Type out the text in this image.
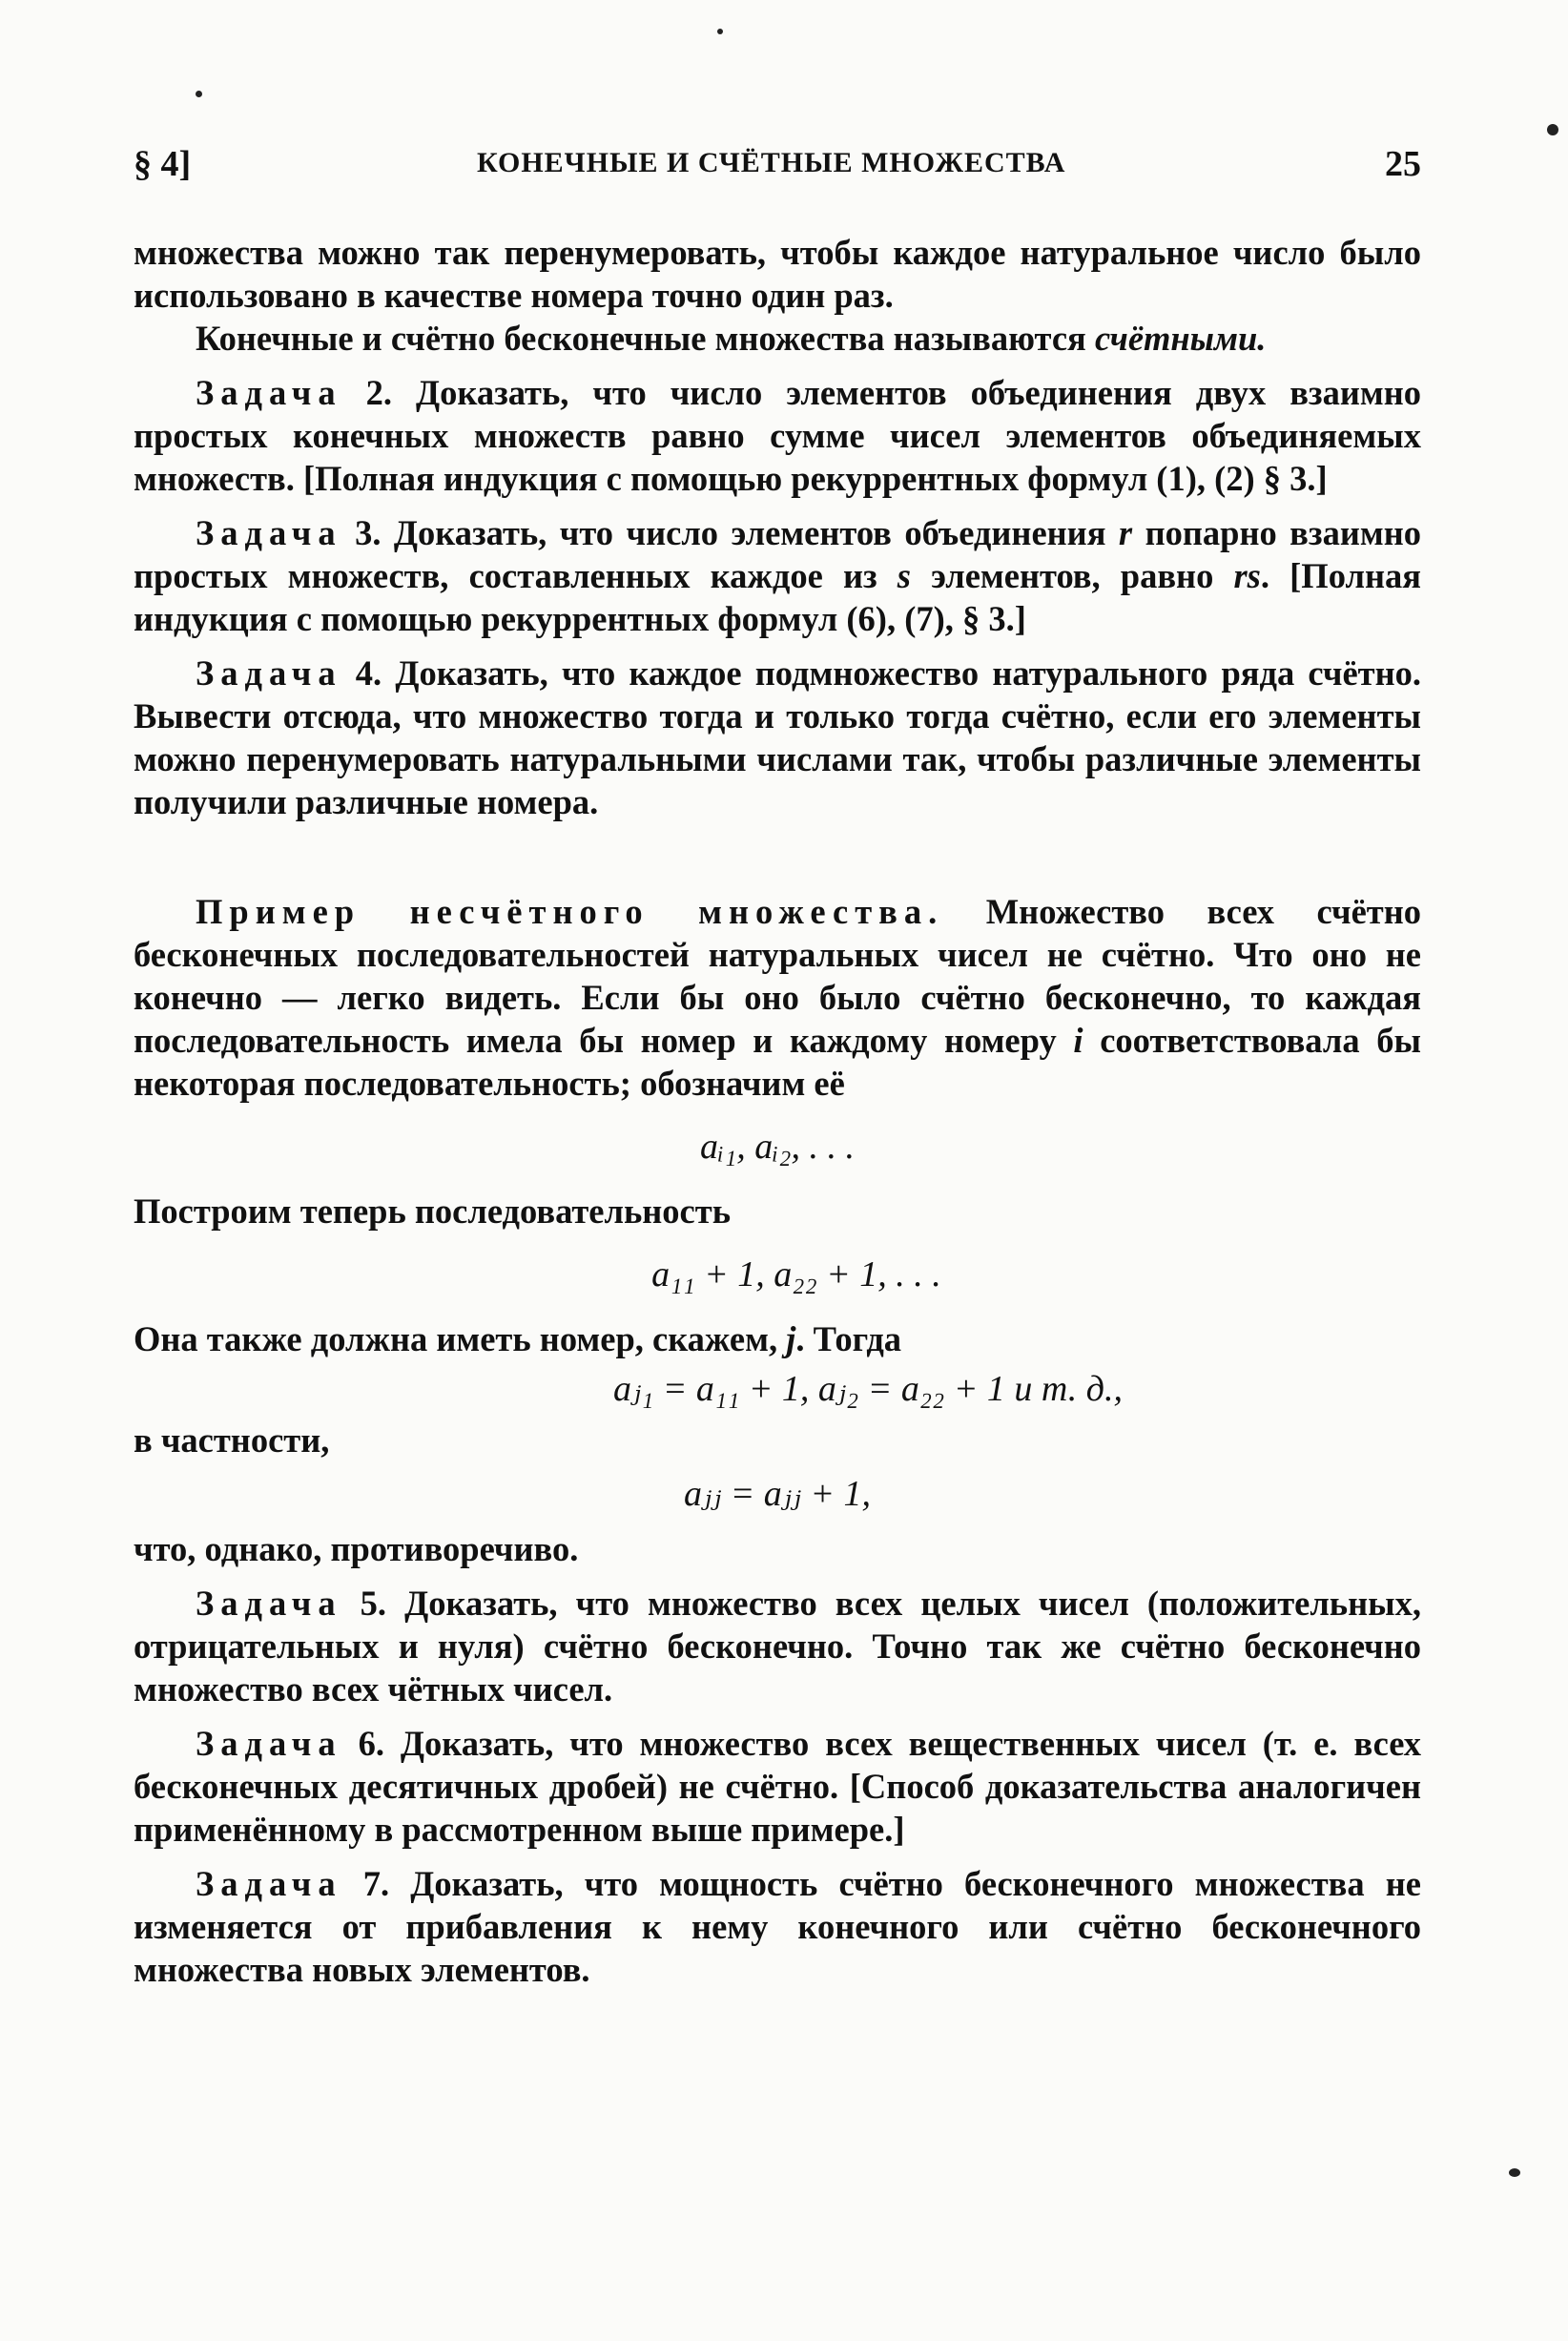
§ 4]	КОНЕЧНЫЕ И СЧЁТНЫЕ МНОЖЕСТВА	25

множества можно так перенумеровать, чтобы каждое натуральное число было использовано в качестве номера точно один раз.

Конечные и счётно бесконечные множества называются счётными.

Задача 2. Доказать, что число элементов объединения двух взаимно простых конечных множеств равно сумме чисел элементов объединяемых множеств. [Полная индукция с помощью рекуррентных формул (1), (2) § 3.]

Задача 3. Доказать, что число элементов объединения r попарно взаимно простых множеств, составленных каждое из s элементов, равно rs. [Полная индукция с помощью рекуррентных формул (6), (7), § 3.]

Задача 4. Доказать, что каждое подмножество натурального ряда счётно. Вывести отсюда, что множество тогда и только тогда счётно, если его элементы можно перенумеровать натуральными числами так, чтобы различные элементы получили различные номера.

Пример несчётного множества. Множество всех счётно бесконечных последовательностей натуральных чисел не счётно. Что оно не конечно — легко видеть. Если бы оно было счётно бесконечно, то каждая последовательность имела бы номер и каждому номеру i соответствовала бы некоторая последовательность; обозначим её

aᵢ₁, aᵢ₂, . . .

Построим теперь последовательность

a₁₁ + 1, a₂₂ + 1, . . .

Она также должна иметь номер, скажем, j. Тогда

aⱼ₁ = a₁₁ + 1, aⱼ₂ = a₂₂ + 1 и т. д.,

в частности,

aⱼⱼ = aⱼⱼ + 1,

что, однако, противоречиво.

Задача 5. Доказать, что множество всех целых чисел (положительных, отрицательных и нуля) счётно бесконечно. Точно так же счётно бесконечно множество всех чётных чисел.

Задача 6. Доказать, что множество всех вещественных чисел (т. е. всех бесконечных десятичных дробей) не счётно. [Способ доказательства аналогичен применённому в рассмотренном выше примере.]

Задача 7. Доказать, что мощность счётно бесконечного множества не изменяется от прибавления к нему конечного или счётно бесконечного множества новых элементов.
